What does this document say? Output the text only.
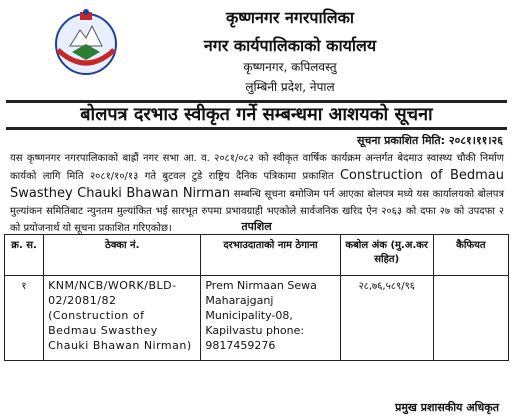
कृष्णनगर नगरपालिका
नगर कार्यपालिकाको कार्यालय
कृष्णनगर, कपिलवस्तु
लुम्बिनी प्रदेश, नेपाल
बोलपत्र दरभाउ स्वीकृत गर्ने सम्बन्धमा आशयको सूचना
सूचना प्रकाशित मिति: २०८१।११।२६
यस कृष्णनगर नगरपालिकाको बाह्रौं नगर सभा आ. व. २०८१/०८२ को स्वीकृत वार्षिक कार्यक्रम अन्तर्गत बेदमाउ स्वास्थ्य चौकी निर्माण कार्यको लागि मिति २०८१/१०/१३ गते बुटवल टुडे राष्ट्रिय दैनिक पत्रिकामा प्रकाशित Construction of Bedmau Swasthey Chauki Bhawan Nirman सम्बन्धि सूचना बमोजिम पर्न आएका बोलपत्र मध्ये यस कार्यालयको बोलपत्र मुल्यांकन समितिबाट न्युनतम मुल्यांकित भई सारभूत रुपमा प्रभावग्राही भएकोले सार्वजनिक खरिद ऐन २०६३ को दफा २७ को उपदफा २ को प्रयोजनार्थ यो सूचना प्रकाशित गरिएकोछ।	तपशिल
क्र. स.	ठेक्का नं.	दरभाउदाताको नाम ठेगाना	कबोल अंक (मु.अ.कर सहित)	कैफियत
१	KNM/NCB/WORK/BLD-02/2081/82 (Construction of Bedmau Swasthey Chauki Bhawan Nirman)	Prem Nirmaan Sewa Maharajganj Municipality-08, Kapilvastu phone: 9817459276	२८,७६,५८९/९६	
प्रमुख प्रशासकीय अधिकृत
